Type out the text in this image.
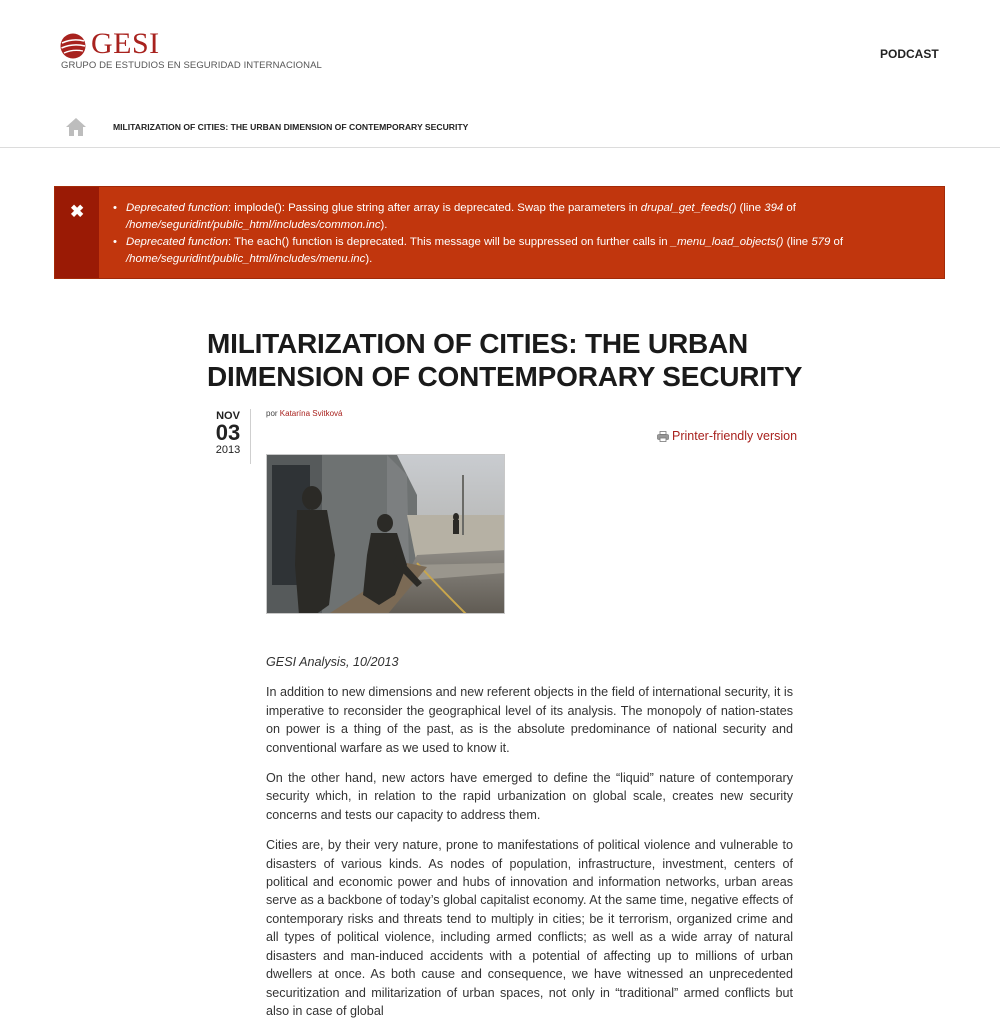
GESI
GRUPO DE ESTUDIOS EN SEGURIDAD INTERNACIONAL
PODCAST
MILITARIZATION OF CITIES: THE URBAN DIMENSION OF CONTEMPORARY SECURITY
✖
•	Deprecated function: implode(): Passing glue string after array is deprecated. Swap the parameters in drupal_get_feeds() (line 394 of /home/seguridint/public_html/includes/common.inc).
• Deprecated function: The each() function is deprecated. This message will be suppressed on further calls in _menu_load_objects() (line 579 of /home/seguridint/public_html/includes/menu.inc).
MILITARIZATION OF CITIES: THE URBAN DIMENSION OF CONTEMPORARY SECURITY
NOV
03
2013
por Katarína Svitková
Printer-friendly version

GESI Analysis, 10/2013

In addition to new dimensions and new referent objects in the field of international security, it is imperative to reconsider the geographical level of its analysis. The monopoly of nation-states on power is a thing of the past, as is the absolute predominance of national security and conventional warfare as we used to know it.

On the other hand, new actors have emerged to define the “liquid” nature of contemporary security which, in relation to the rapid urbanization on global scale, creates new security concerns and tests our capacity to address them.

Cities are, by their very nature, prone to manifestations of political violence and vulnerable to disasters of various kinds. As nodes of population, infrastructure, investment, centers of political and economic power and hubs of innovation and information networks, urban areas serve as a backbone of today’s global capitalist economy. At the same time, negative effects of contemporary risks and threats tend to multiply in cities; be it terrorism, organized crime and all types of political violence, including armed conflicts; as well as a wide array of natural disasters and man-induced accidents with a potential of affecting up to millions of urban dwellers at once. As both cause and consequence, we have witnessed an unprecedented securitization and militarization of urban spaces, not only in “traditional” armed conflicts but also in case of global
